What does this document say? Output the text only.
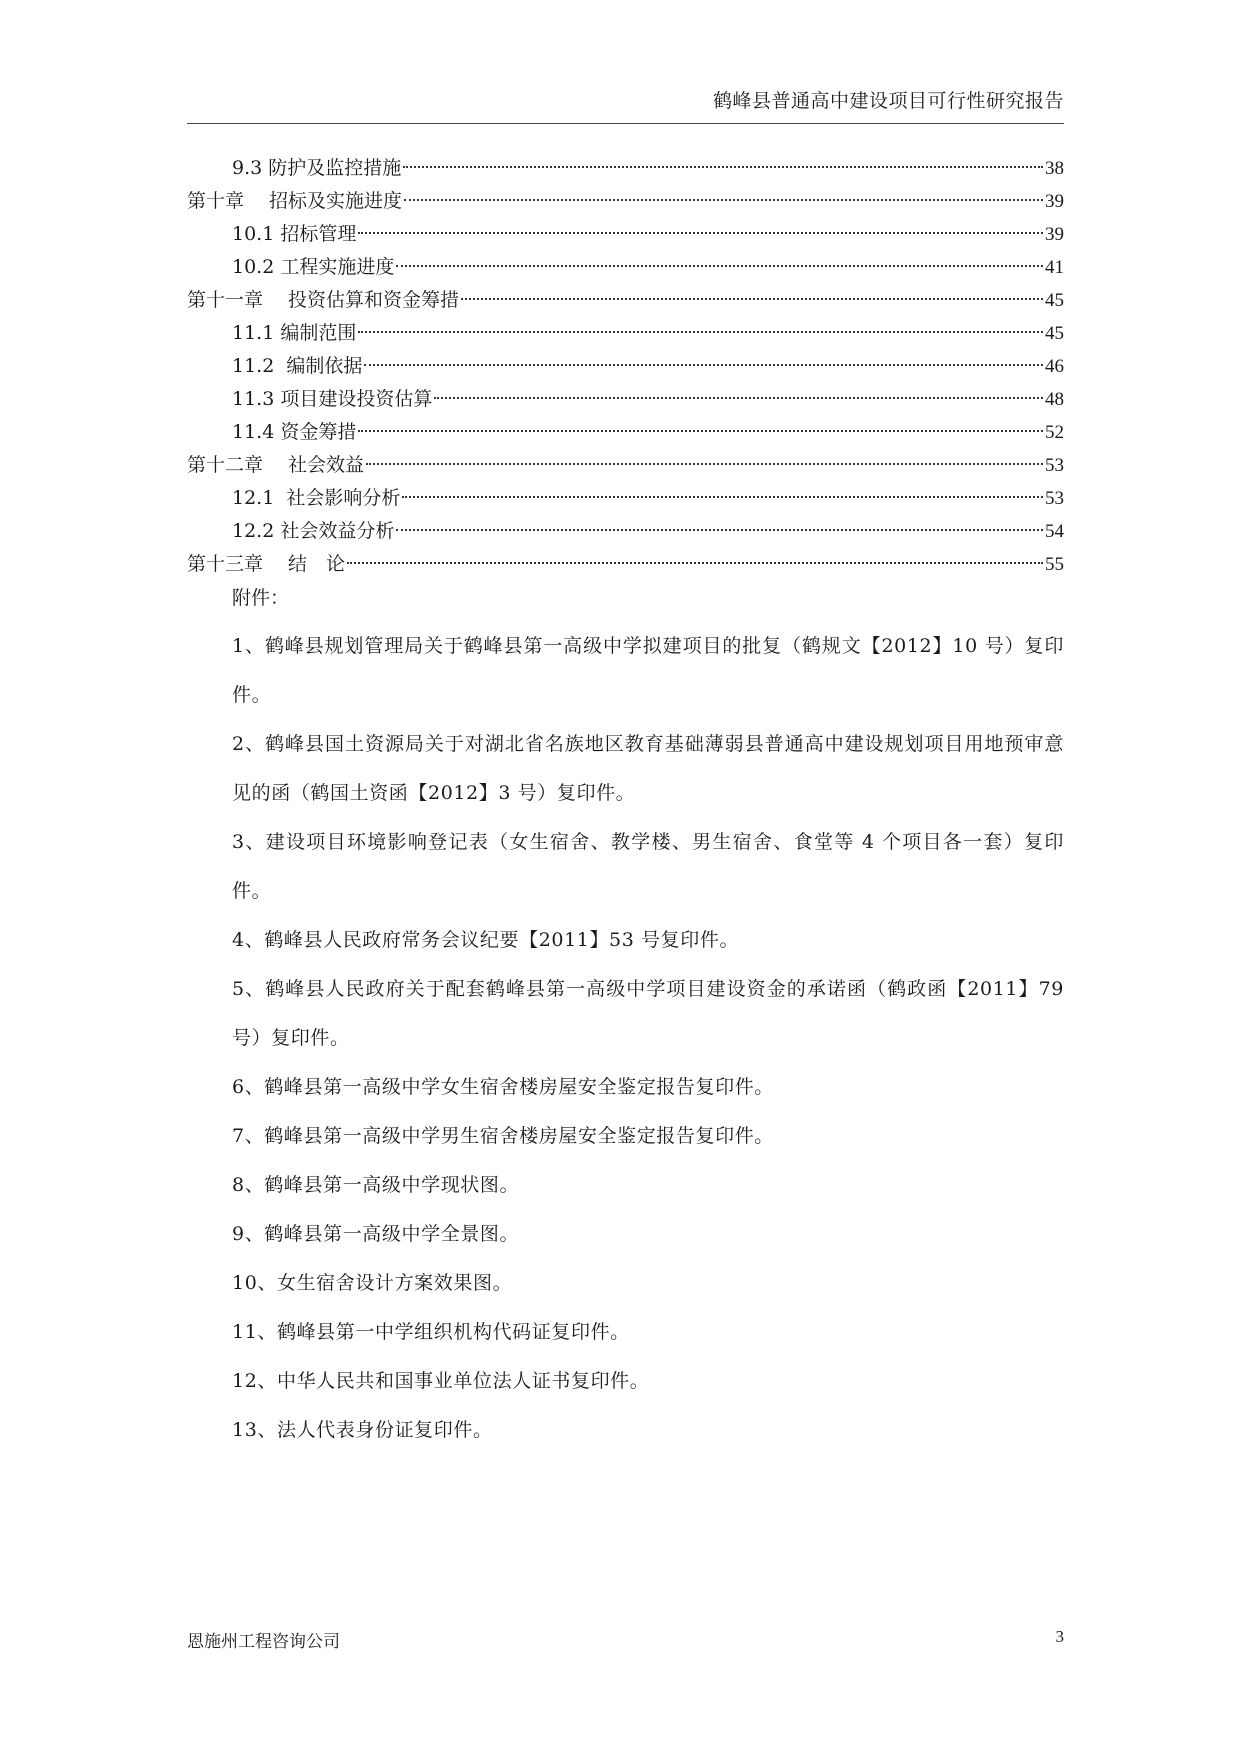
鹤峰县普通高中建设项目可行性研究报告
9.3 防护及监控措施	38
第十章　 招标及实施进度	39
10.1 招标管理	39
10.2 工程实施进度	41
第十一章　 投资估算和资金筹措	45
11.1 编制范围	45
11.2  编制依据	46
11.3 项目建设投资估算	48
11.4 资金筹措	52
第十二章　 社会效益	53
12.1  社会影响分析	53
12.2 社会效益分析	54
第十三章　 结　论	55
附件：

1、鹤峰县规划管理局关于鹤峰县第一高级中学拟建项目的批复（鹤规文【2012】10 号）复印件。

2、鹤峰县国土资源局关于对湖北省名族地区教育基础薄弱县普通高中建设规划项目用地预审意见的函（鹤国土资函【2012】3 号）复印件。

3、建设项目环境影响登记表（女生宿舍、教学楼、男生宿舍、食堂等 4 个项目各一套）复印件。

4、鹤峰县人民政府常务会议纪要【2011】53 号复印件。

5、鹤峰县人民政府关于配套鹤峰县第一高级中学项目建设资金的承诺函（鹤政函【2011】79 号）复印件。

6、鹤峰县第一高级中学女生宿舍楼房屋安全鉴定报告复印件。

7、鹤峰县第一高级中学男生宿舍楼房屋安全鉴定报告复印件。

8、鹤峰县第一高级中学现状图。

9、鹤峰县第一高级中学全景图。

10、女生宿舍设计方案效果图。

11、鹤峰县第一中学组织机构代码证复印件。

12、中华人民共和国事业单位法人证书复印件。

13、法人代表身份证复印件。

恩施州工程咨询公司	3
